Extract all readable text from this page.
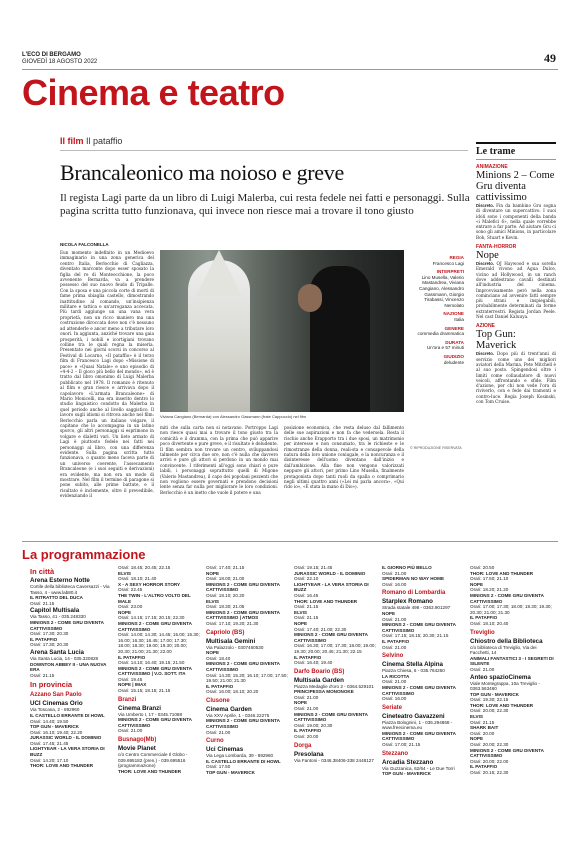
L'ECO DI BERGAMO
GIOVEDÌ 18 AGOSTO 2022	49
Cinema e teatro
Il film Il pataffio
Brancaleonico ma noioso e greve
Il regista Lagi parte da un libro di Luigi Malerba, cui resta fedele nei fatti e personaggi. Sulla pagina scritta tutto funzionava, qui invece non riesce mai a trovare il tono giusto
NICOLA FALCONELLA
Eun momento indefinito in un Medioevo immaginario in una zona generica del centro Italia, Berlocchio di Cagliazza, diventato marconte dopo esser sposato la figlia del re di Monteocchione, la poco avvenente Bernarda, va a prendere possesso del suo nuovo feudo di Tripalle. Con la sposa e una piccola corte di morti di fame prima sbiaglia castello, dimostrando inattitudine al comando, un'insipienza militare e tattica e un'arroganza accecata. Più tardi aggiunge un una vana vera proprietà, non un ricco maniero ma una costruzione diroccata dove non c'è nessuno ad attenderle e ancor meno a tributare loro onori. In aggiunta, anziché trovare una gaia prosperità, i nobili e icortigiani trovano colline tra le quali regna la miseria. Presentato nei giorni scorsi in concorso al Festival di Locarno, «Il pataffio» è il terzo film di Francesco Lagi dopo «Missione di pace» e «Quasi Natale» e uno episodio di «4-4-2 – Il gioco più bello del mondo», ed è tratto dal libro omonimo di Luigi Malerba pubblicato nel 1978. Il romanzo è ritenuto al film e gran riesce e arrivava dopo il capolavoro «L'armata Brancaleone» di Mario Monicelli, ma era inserito dentro lo studio linguistico condotto da Malerba in quel periodo anche al livello saggistico. Il lavoro sugli idiomi si ritrova anche nel film: Berlocchio parla un italiano volgare, il capitano che lo accompagna in un latino sporco, gli altri personaggi si esprimono in volgare e dialetti vari. Un lieto armato di Lagi è piuttosto fedele nei fatti nei personaggi al libro, con una differenza evidente. Sulla pagina scritta tutto funzionava, o quanto meno faceva parte di un universo coerente, l'assecamento Brancaleone (e i suoi seguiti e derivazioni) era evidente, ma non era un modo di mostrare. Nel film il termine di paragone si pone subito, alle prime battute, e il risultato è inclemente, oltre il prevedibile, evidenziando il
Viviana Cangiano (Bernarda) con Alessandro Gassmann (frate Cappuccio) nel film
miti che sulla carta non si notavano. Portroppo Lagi non riesce quasi mai a trovare il tono giusto tra la comicità e il dramma, con la prima che può apparire poco divertente e pure greve, e il risultato è deludente. Il film sembra non trovare un centro, sviluppandosi talmente per circa due ore, non c'è nulla che davvero arrivi e pure gli attori si perdono in un mondo mai convincente. I riferimenti all'oggi sono chiari e pure labili, i personaggi soprattutto quelli di Migone (Valerio Mastandrea), il capo dei popolani pezzenti che non vogliono essere governati e prendono decisioni lente senza far nulla per migliorare le loro condizioni. Berlocchio è un inetto che vuole il potere e una
posizione economica, che resta deluso dal fallimento delle sue aspirazioni e non fa che vedersela. Resta il rischio anche Erapporto tra i due sposi, un matrimonio per interesse e non consumato, tra le richieste e le rimostranze della donna, reali-sta e consapevole della natura della loro unione coniugale, e la noncuranza e il disinteresse dell'uomo diventano dall'inizio e dall'ambizione. Alla fine non vengono valorizzati neppure gli attori, per primo Lino Musella, finalmente protagonista dopo tanti ruoli da spalla o comprimario negli ultimi quattro anni («Lei mi parla ancora», «Qui rido io», «È stata la mano di Dio»).
© RIPRODUZIONE RISERVATA
REGIA
Francesco Lagi
INTERPRETI
Lino Musella, Valerio Mastandrea, Viviana Cangiano, Alessandro Gassmann, Giorgio Tirabassi, Vincenzo Nemolato
NAZIONE
Italia
GENERE
commedia drammatica
DURATA
Un'ora e 57 minuti
GIUDIZIO
deludente
Le trame
ANIMAZIONE
Minions 2 – Come Gru diventa cattivissimo
Discreto. Fin da bambino Gru sogna di diventare un supercattivo. I suoi idoli sono i componenti della banda «i Malefici 6», nella quale vorrebbe entrare a far parte. Ad aiutare Gru ci sono gli amici Minions, in particolare Bob, Stuart e Kevin.
FANTA-HORROR
Nope
Discreto. OJ Haywood e sua sorella Emerald vivono ad Agua Dulce, vicino ad Hollywood, in un ranch dove addestrano cavalli destinati all'industria del cinema. Improvvisamente però nella zona cominciano ad avvenire fatti sempre più strani e inspiegabili, probabilmente determinati da forme extraterrestri. Regista Jordan Peele. Nel cast Daniel Kaluuya.
AZIONE
Top Gun: Maverick
Discreto. Dopo più di trent'anni di servizio come uno dei migliori aviatori della Marina, Pete Mitchell è al suo posto. Spingendosi oltre i limiti come collaudatore di nuovi veicoli, affrontando e sfide. Film d'azione, per chi non vede l'ora di riviverlo, con e fede dai tramonti e contro-luce. Regia Joseph Kosinski, con Tom Cruise.
La programmazione
In città
Arena Esterno Notte
Cortile della biblioteca Caversazzi - Via Tasso, 4 - www.lab80.it
IL RITRATTO DEL DUCA
Orari: 21.15
Capitol Multisala
Via Tasso, 41 - 035.248330
MINIONS 2 - COME GRU DIVENTA CATTIVISSIMO
Orari: 17.30; 20.30
IL PATAFFIO
Orari: 17.30; 20.30
Arena Santa Lucia
Via Santa Lucia, 14 - 035.320828
DOWNTON ABBEY II - UNA NUOVA ERA
Orari: 21.15
In provincia
Azzano San Paolo
UCI Cinemas Orio
Via Toscana, 2 - 892960
IL CASTELLO ERRANTE DI HOWL
Orari: 14.40; 19.50
TOP GUN - MAVERICK
Orari: 16.10; 19.40; 22.20
JURASSIC WORLD - IL DOMINIO
Orari: 17.45; 21.45
LIGHTYEAR - LA VERA STORIA DI BUZZ
Orari: 14.20; 17.10
THOR: LOVE AND THUNDER
Orari: 18.45; 20.45; 22.15
ELVIS
Orari: 18.10; 21.40
X - A SEXY HORROR STORY
Orari: 22.45
THE TWIN - L'ALTRO VOLTO DEL MALE
Orari: 23.00
NOPE
Orari: 14.15; 17.15; 20.15; 22.30
MINIONS 2 - COME GRU DIVENTA CATTIVISSIMO
Orari: 14.00; 14.30; 14.45; 15.00; 15.30; 16.00; 16.30; 16.45; 17.00; 17.30; 18.00; 18.30; 19.00; 19.30; 20.00; 20.30; 21.00; 21.30; 22.00
IL PATAFFIO
Orari: 14.10; 16.40; 19.15; 21.50
MINIONS 2 - COME GRU DIVENTA CATTIVISSIMO | V.O. SOTT. ITA
Orari: 19.45
NOPE | IMAX
Orari: 15.15; 18.15; 21.15
Branzi
Cinema Branzi
Via Umberto I, 17 - 0345.71088
MINIONS 2 - COME GRU DIVENTA CATTIVISSIMO
Orari: 21.00
Busnago(Mb)
Movie Planet
c/o Centro Commerciale Il Globo - 039.695182 (pren.) - 039.695516 (programmazione)
THOR: LOVE AND THUNDER
Orari: 17.40; 21.15
NOPE
Orari: 18.00; 21.00
MINIONS 2 - COME GRU DIVENTA CATTIVISSIMO
Orari: 18.10; 20.20
ELVIS
Orari: 18.30; 21.05
MINIONS 2 - COME GRU DIVENTA CATTIVISSIMO | ATMOS
Orari: 17.10; 19.20; 21.30
Capriolo (BS)
Multisala Gemini
Via Palazzolo - 0307460530
NOPE
Orari: 18.40
MINIONS 2 - COME GRU DIVENTA CATTIVISSIMO
Orari: 14.30; 15.20; 16.10; 17.00; 17.50; 19.50; 21.00; 21.30
IL PATAFFIO
Orari: 16.00; 18.10; 20.20
Clusone
Cinema Garden
Via XXV Aprile, 1 - 0346.22275
MINIONS 2 - COME GRU DIVENTA CATTIVISSIMO
Orari: 21.00
Curno
Uci Cinemas
Via Lega Lombarda, 39 - 892960
IL CASTELLO ERRANTE DI HOWL
Orari: 17.50
TOP GUN - MAVERICK
Orari: 19.15; 21.45
JURASSIC WORLD - IL DOMINIO
Orari: 22.10
LIGHTYEAR - LA VERA STORIA DI BUZZ
Orari: 16.45
THOR: LOVE AND THUNDER
Orari: 21.15
ELVIS
Orari: 21.15
NOPE
Orari: 17.40; 21.00; 22.30
MINIONS 2 - COME GRU DIVENTA CATTIVISSIMO
Orari: 16.30; 17.00; 17.30; 18.00; 19.00; 19.30; 20.00; 20.45; 21.30; 22.15
IL PATAFFIO
Orari: 16.40; 19.40
Darfo Boario (BS)
Multisala Garden
Piazza Medaglie d'oro 2 - 0364.529101
PRINCIPESSA MONONOKE
Orari: 21.00
NOPE
Orari: 21.00
MINIONS 2 - COME GRU DIVENTA CATTIVISSIMO
Orari: 19.00; 20.30
IL PATAFFIO
Orari: 20.00
Dorga
Presolana
Via Fantoni - 0346.38406-338 2448127
IL GIORNO PIÙ BELLO
Orari: 21.00
SPIDERMAN NO WAY HOME
Orari: 16.00
Romano di Lombardia
Starplex Romano
Strada statale 498 - 0363.901297
NOPE
Orari: 21.00
MINIONS 2 - COME GRU DIVENTA CATTIVISSIMO
Orari: 17.15; 18.15; 20.30; 21.15
IL PATAFFIO
Orari: 21.00
Selvino
Cinema Stella Alpina
Piazza Chiesa, 6 - 035.764250
LA RICOTTA
Orari: 21.00
MINIONS 2 - COME GRU DIVENTA CATTIVISSIMO
Orari: 16.00
Seriate
Cineteatro Gavazzeni
Piazza Bolognini, 1 - 035.294868 - www.freecinema.eu
MINIONS 2 - COME GRU DIVENTA CATTIVISSIMO
Orari: 17.00; 21.15
Stezzano
Arcadia Stezzano
Via Guzzanica, 62/64 - Le Due Torri
TOP GUN - MAVERICK
Orari: 20.50
THOR: LOVE AND THUNDER
Orari: 17.50; 21.10
NOPE
Orari: 18.20; 21.20
MINIONS 2 - COME GRU DIVENTA CATTIVISSIMO
Orari: 17.00; 17.30; 18.00; 18.30; 19.30; 20.30; 21.00; 21.30
IL PATAFFIO
Orari: 18.10; 20.40
Treviglio
Chiostro della Biblioteca
c/o biblioteca di Treviglio, Via dei Facchetti, 14
ANIMALI FANTASTICI 3 - I SEGRETI DI SILENTE
Orari: 21.00
Anteo spazioCinema
Viale Montegrappa, 10a Treviglio - 0363.563460
TOP GUN - MAVERICK
Orari: 19.30; 22.15
THOR: LOVE AND THUNDER
Orari: 20.00; 22.30
ELVIS
Orari: 21.15
SHARK BAIT
Orari: 20.00
NOPE
Orari: 20.00; 22.30
MINIONS 2 - COME GRU DIVENTA CATTIVISSIMO
Orari: 20.00; 22.00
IL PATAFFIO
Orari: 20.15; 22.30
